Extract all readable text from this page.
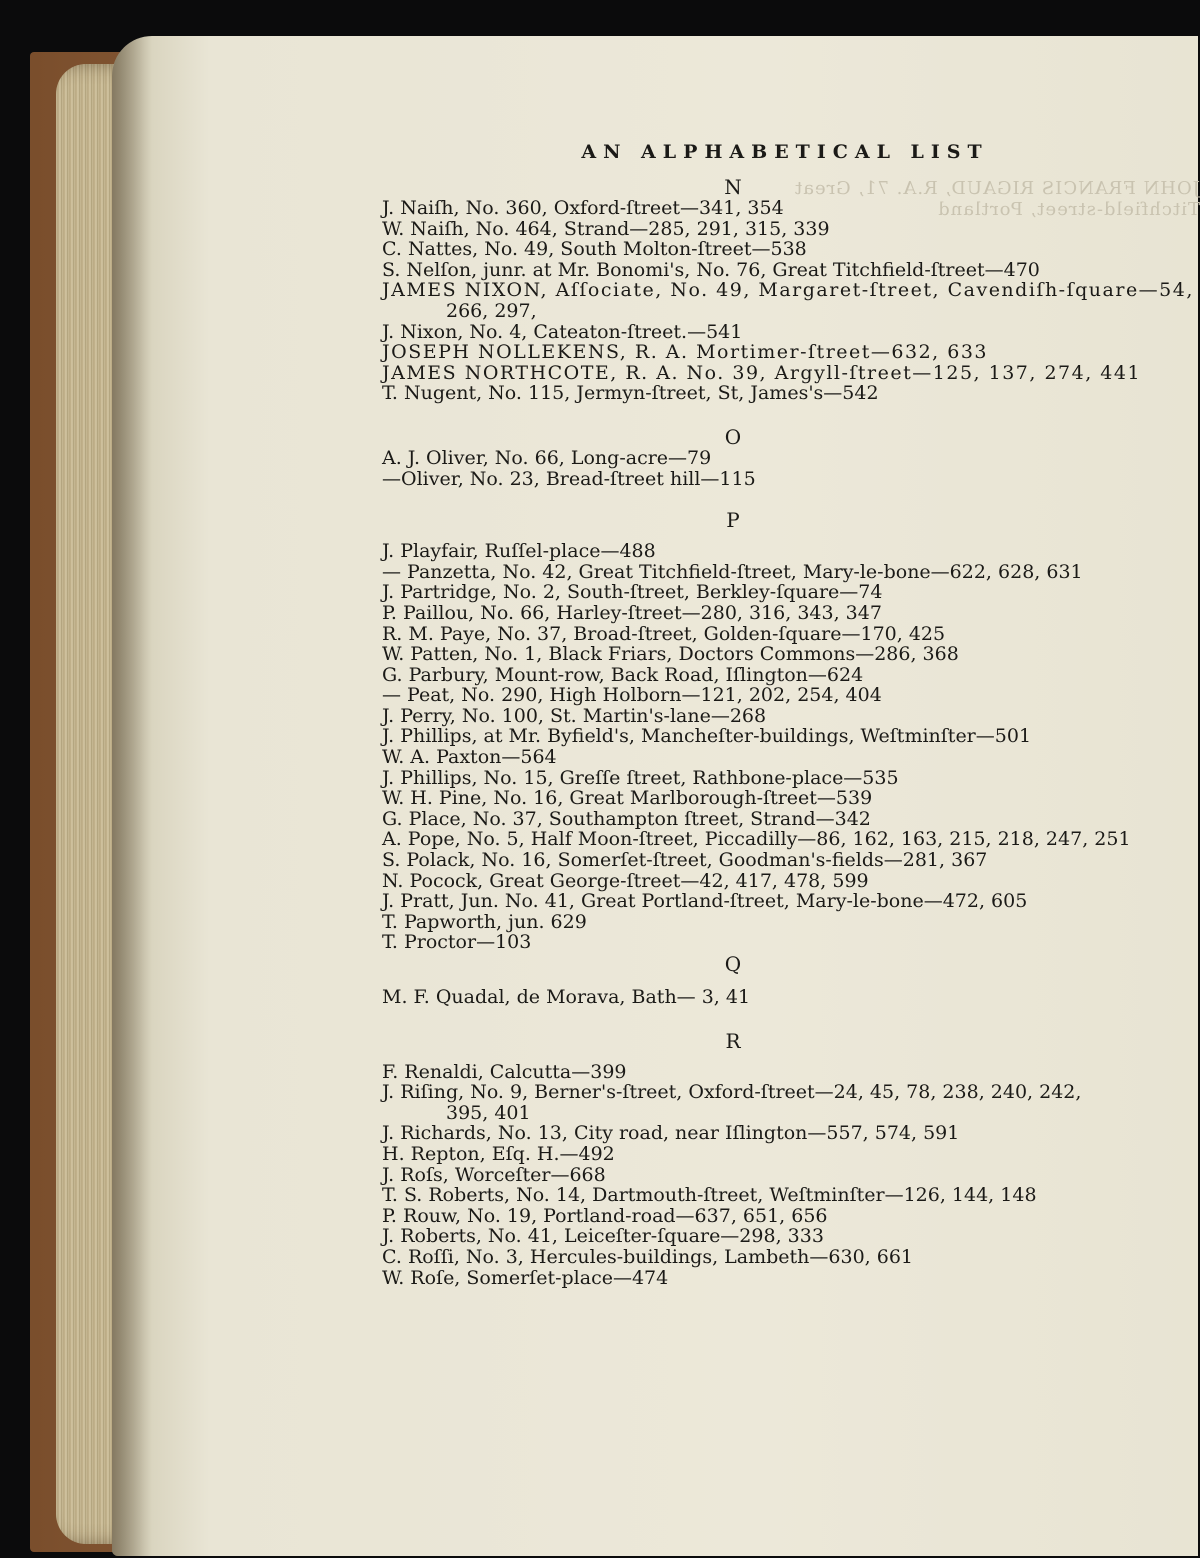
JOHN FRANCIS RIGAUD, R.A. 71, Great Titchfield-street, Portland
AN ALPHABETICAL LIST
N
J. Naiſh, No. 360, Oxford-ſtreet—341, 354
W. Naiſh, No. 464, Strand—285, 291, 315, 339
C. Nattes, No. 49, South Molton-ſtreet—538
S. Nelſon, junr. at Mr. Bonomi's, No. 76, Great Titchfield-ſtreet—470
JAMES NIXON, Aſſociate, No. 49, Margaret-ſtreet, Cavendiſh-ſquare—54,
266, 297,
J. Nixon, No. 4, Cateaton-ſtreet.—541
JOSEPH NOLLEKENS, R. A. Mortimer-ſtreet—632, 633
JAMES NORTHCOTE, R. A. No. 39, Argyll-ſtreet—125, 137, 274, 441
T. Nugent, No. 115, Jermyn-ſtreet, St, James's—542
O
A. J. Oliver, No. 66, Long-acre—79
—Oliver, No. 23, Bread-ſtreet hill—115
P
J. Playfair, Ruſſel-place—488
— Panzetta, No. 42, Great Titchfield-ſtreet, Mary-le-bone—622, 628, 631
J. Partridge, No. 2, South-ſtreet, Berkley-ſquare—74
P. Paillou, No. 66, Harley-ſtreet—280, 316, 343, 347
R. M. Paye, No. 37, Broad-ſtreet, Golden-ſquare—170, 425
W. Patten, No. 1, Black Friars, Doctors Commons—286, 368
G. Parbury, Mount-row, Back Road, Iſlington—624
— Peat, No. 290, High Holborn—121, 202, 254, 404
J. Perry, No. 100, St. Martin's-lane—268
J. Phillips, at Mr. Byfield's, Mancheſter-buildings, Weſtminſter—501
W. A. Paxton—564
J. Phillips, No. 15, Greſſe ſtreet, Rathbone-place—535
W. H. Pine, No. 16, Great Marlborough-ſtreet—539
G. Place, No. 37, Southampton ſtreet, Strand—342
A. Pope, No. 5, Half Moon-ſtreet, Piccadilly—86, 162, 163, 215, 218, 247, 251
S. Polack, No. 16, Somerſet-ſtreet, Goodman's-fields—281, 367
N. Pocock, Great George-ſtreet—42, 417, 478, 599
J. Pratt, Jun. No. 41, Great Portland-ſtreet, Mary-le-bone—472, 605
T. Papworth, jun. 629
T. Proctor—103
Q
M. F. Quadal, de Morava, Bath— 3, 41
R
F. Renaldi, Calcutta—399
J. Riſing, No. 9, Berner's-ſtreet, Oxford-ſtreet—24, 45, 78, 238, 240, 242,
395, 401
J. Richards, No. 13, City road, near Iſlington—557, 574, 591
H. Repton, Eſq. H.—492
J. Roſs, Worceſter—668
T. S. Roberts, No. 14, Dartmouth-ſtreet, Weſtminſter—126, 144, 148
P. Rouw, No. 19, Portland-road—637, 651, 656
J. Roberts, No. 41, Leiceſter-ſquare—298, 333
C. Roſſi, No. 3, Hercules-buildings, Lambeth—630, 661
W. Roſe, Somerſet-place—474
